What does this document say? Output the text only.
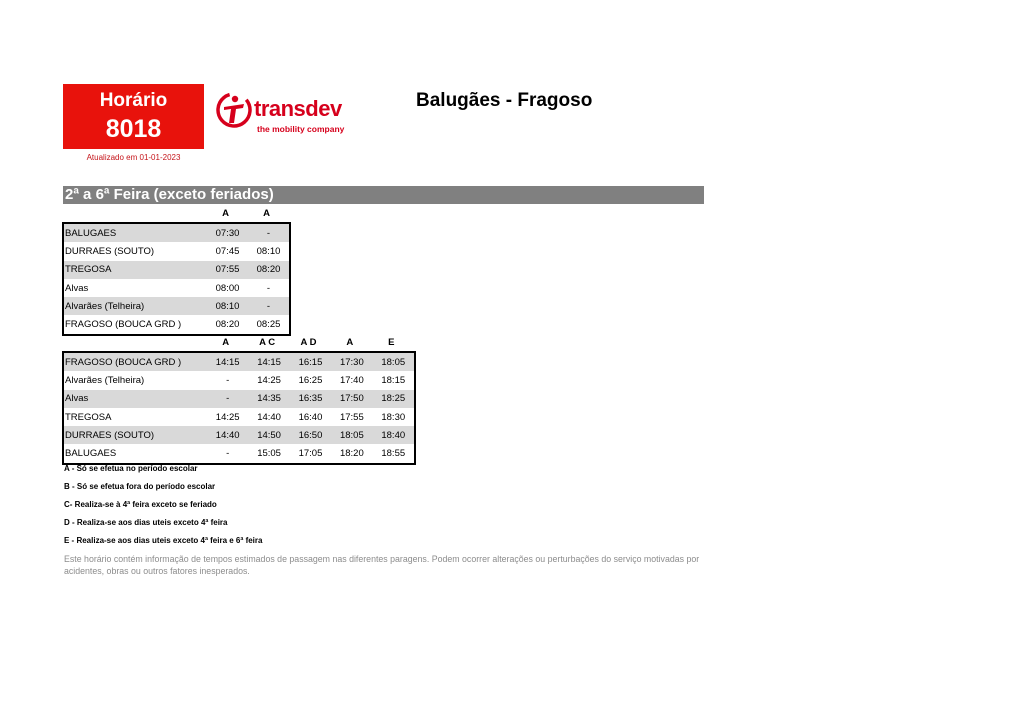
Horário
8018
Atualizado em 01-01-2023
transdev
the mobility company
Balugães - Fragoso
2ª a 6ª Feira (exceto feriados)
A	A
BALUGAES	07:30	-
DURRAES (SOUTO)	07:45	08:10
TREGOSA	07:55	08:20
Alvas	08:00	-
Alvarães (Telheira)	08:10	-
FRAGOSO (BOUCA GRD )	08:20	08:25
A	A C	A D	A	E
FRAGOSO (BOUCA GRD )	14:15	14:15	16:15	17:30	18:05
Alvarães (Telheira)	-	14:25	16:25	17:40	18:15
Alvas	-	14:35	16:35	17:50	18:25
TREGOSA	14:25	14:40	16:40	17:55	18:30
DURRAES (SOUTO)	14:40	14:50	16:50	18:05	18:40
BALUGAES	-	15:05	17:05	18:20	18:55
A - Só se efetua no período escolar
B - Só se efetua fora do período escolar
C- Realiza-se à 4ª feira exceto se feriado
D - Realiza-se aos dias uteis exceto 4ª feira
E - Realiza-se aos dias uteis exceto 4ª feira e 6ª feira
Este horário contém informação de tempos estimados de passagem nas diferentes paragens. Podem ocorrer alterações ou perturbações do serviço motivadas por acidentes, obras ou outros fatores inesperados.
